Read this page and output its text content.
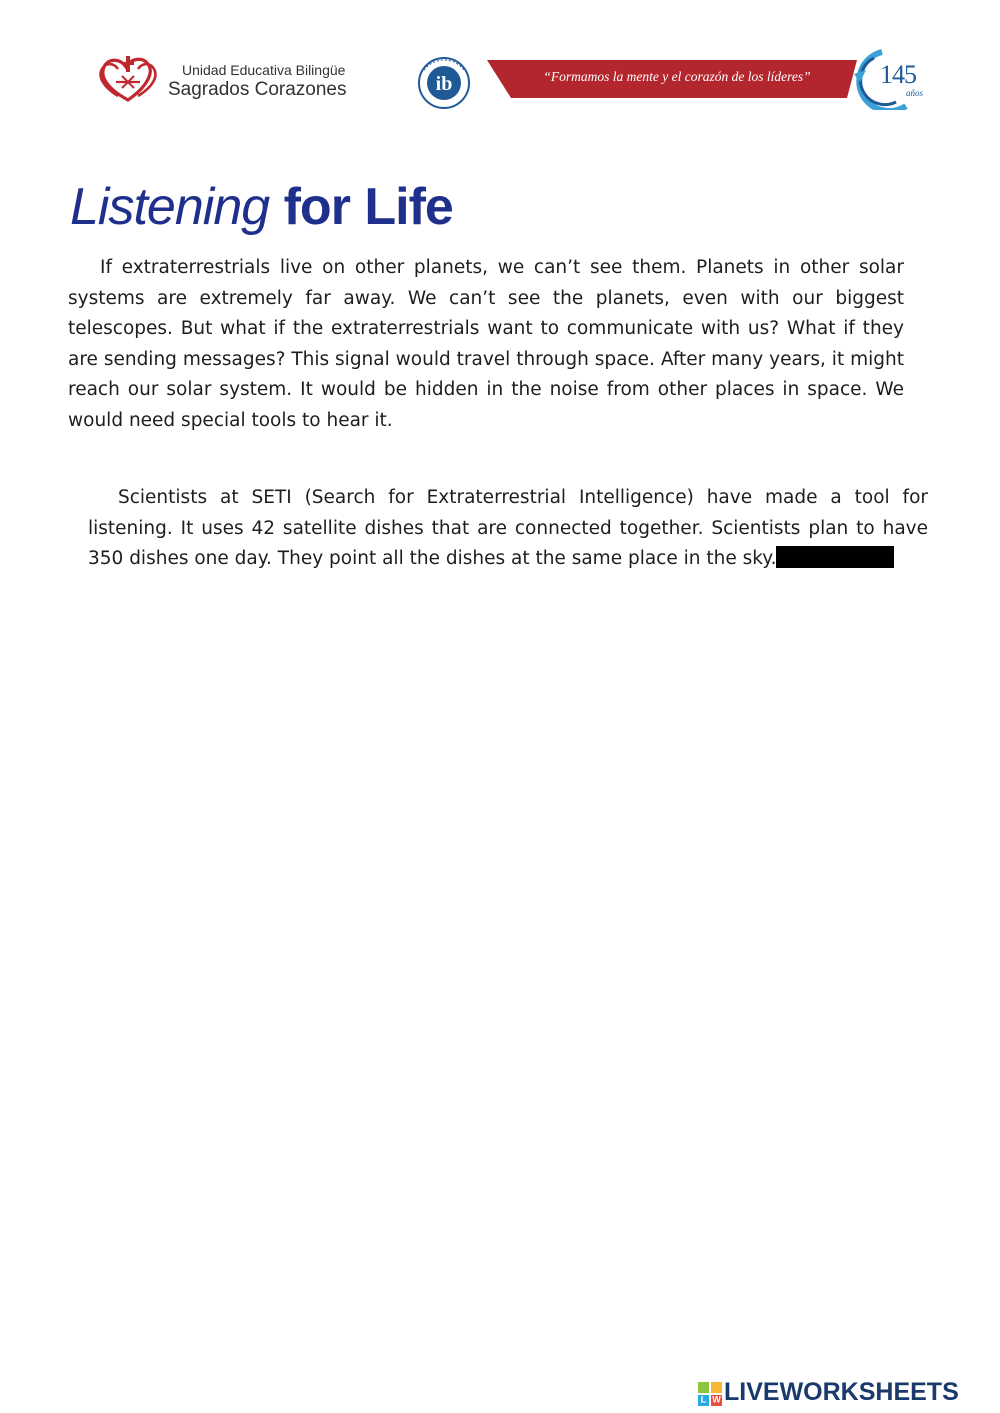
Unidad Educativa Bilingüe
Sagrados Corazones	ib	“Formamos la mente y el corazón de los líderes”	145
años
Listening for Life

If extraterrestrials live on other planets, we can’t see them. Planets in other solar systems are extremely far away. We can’t see the planets, even with our biggest telescopes. But what if the extraterrestrials want to communicate with us? What if they are sending messages? This signal would travel through space. After many years, it might reach our solar system. It would be hidden in the noise from other places in space. We would need special tools to hear it.

Scientists at SETI (Search for Extraterrestrial Intelligence) have made a tool for listening. It uses 42 satellite dishes that are connected together. Scientists plan to have 350 dishes one day. They point all the dishes at the same place in the sky.

L W LIVEWORKSHEETS
